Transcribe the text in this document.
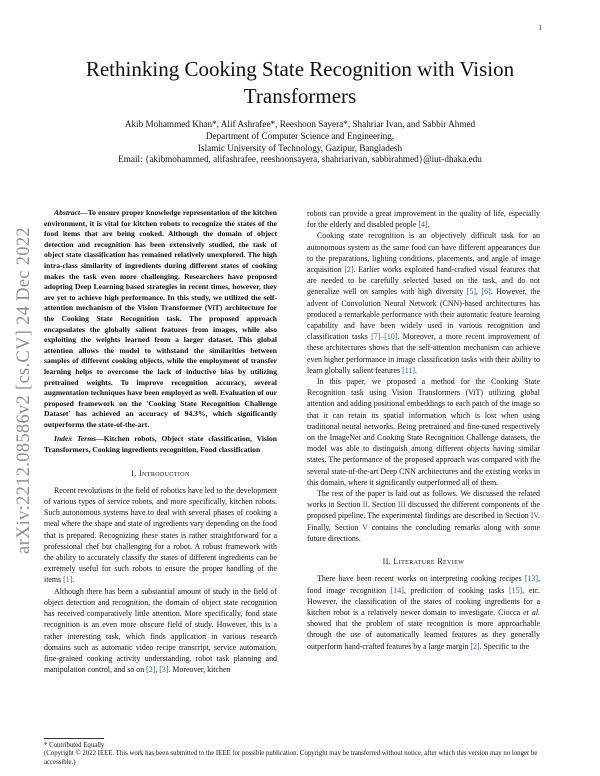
1
arXiv:2212.08586v2 [cs.CV] 24 Dec 2022
Rethinking Cooking State Recognition with Vision Transformers
Akib Mohammed Khan*, Alif Ashrafee*, Reeshoon Sayera*, Shahriar Ivan, and Sabbir Ahmed
Department of Computer Science and Engineering,
Islamic University of Technology, Gazipur, Bangladesh
Email: {akibmohammed, alifashrafee, reeshoonsayera, shahriarivan, sabbirahmed}@iut-dhaka.edu

Abstract—To ensure proper knowledge representation of the kitchen environment, it is vital for kitchen robots to recognize the states of the food items that are being cooked. Although the domain of object detection and recognition has been extensively studied, the task of object state classification has remained relatively unexplored. The high intra-class similarity of ingredients during different states of cooking makes the task even more challenging. Researchers have proposed adopting Deep Learning based strategies in recent times, however, they are yet to achieve high performance. In this study, we utilized the self-attention mechanism of the Vision Transformer (ViT) architecture for the Cooking State Recognition task. The proposed approach encapsulates the globally salient features from images, while also exploiting the weights learned from a larger dataset. This global attention allows the model to withstand the similarities between samples of different cooking objects, while the employment of transfer learning helps to overcome the lack of inductive bias by utilizing pretrained weights. To improve recognition accuracy, several augmentation techniques have been employed as well. Evaluation of our proposed framework on the 'Cooking State Recognition Challenge Dataset' has achieved an accuracy of 94.3%, which significantly outperforms the state-of-the-art.

Index Terms—Kitchen robots, Object state classification, Vision Transformers, Cooking ingredients recognition, Food classification

I. Introduction

Recent revolutions in the field of robotics have led to the development of various types of service robots, and more specifically, kitchen robots. Such autonomous systems have to deal with several phases of cooking a meal where the shape and state of ingredients vary depending on the food that is prepared. Recognizing these states is rather straightforward for a professional chef but challenging for a robot. A robust framework with the ability to accurately classify the states of different ingredients can be extremely useful for such robots to ensure the proper handling of the items [1].

Although there has been a substantial amount of study in the field of object detection and recognition, the domain of object state recognition has received comparatively little attention. More specifically, food state recognition is an even more obscure field of study. However, this is a rather interesting task, which finds application in various research domains such as automatic video recipe transcript, service automation, fine-grained cooking activity understanding, robot task planning and manipulation control, and so on [2], [3]. Moreover, kitchen

robots can provide a great improvement in the quality of life, especially for the elderly and disabled people [4].

Cooking state recognition is an objectively difficult task for an autonomous system as the same food can have different appearances due to the preparations, lighting conditions, placements, and angle of image acquisition [2]. Earlier works exploited hand-crafted visual features that are needed to be carefully selected based on the task, and do not generalize well on samples with high diversity [5], [6]. However, the advent of Convolution Neural Network (CNN)-based architectures has produced a remarkable performance with their automatic feature learning capability and have been widely used in various recognition and classification tasks [7]–[10]. Moreover, a more recent improvement of these architectures shows that the self-attention mechanism can achieve even higher performance in image classification tasks with their ability to learn globally salient features [11].

In this paper, we proposed a method for the Cooking State Recognition task using Vision Transformers (ViT) utilizing global attention and adding positional embeddings to each patch of the image so that it can retain its spatial information which is lost when using traditional neural networks. Being pretrained and fine-tuned respectively on the ImageNet and Cooking State Recognition Challenge datasets, the model was able to distinguish among different objects having similar states. The performance of the proposed approach was compared with the several state-of-the-art Deep CNN architectures and the existing works in this domain, where it significantly outperformed all of them.

The rest of the paper is laid out as follows. We discussed the related works in Section II. Section III discussed the different components of the proposed pipeline. The experimental findings are described in Section IV. Finally, Section V contains the concluding remarks along with some future directions.

II. Literature Review

There have been recent works on interpreting cooking recipes [13], food image recognition [14], prediction of cooking tasks [15], etc. However, the classification of the states of cooking ingredients for a kitchen robot is a relatively newer domain to investigate. Ciocca et al. showed that the problem of state recognition is more approachable through the use of automatically learned features as they generally outperform hand-crafted features by a large margin [2]. Specific to the

* Contributed Equally
(Copyright © 2022 IEEE. This work has been submitted to the IEEE for possible publication. Copyright may be transferred without notice, after which this version may no longer be accessible.)
